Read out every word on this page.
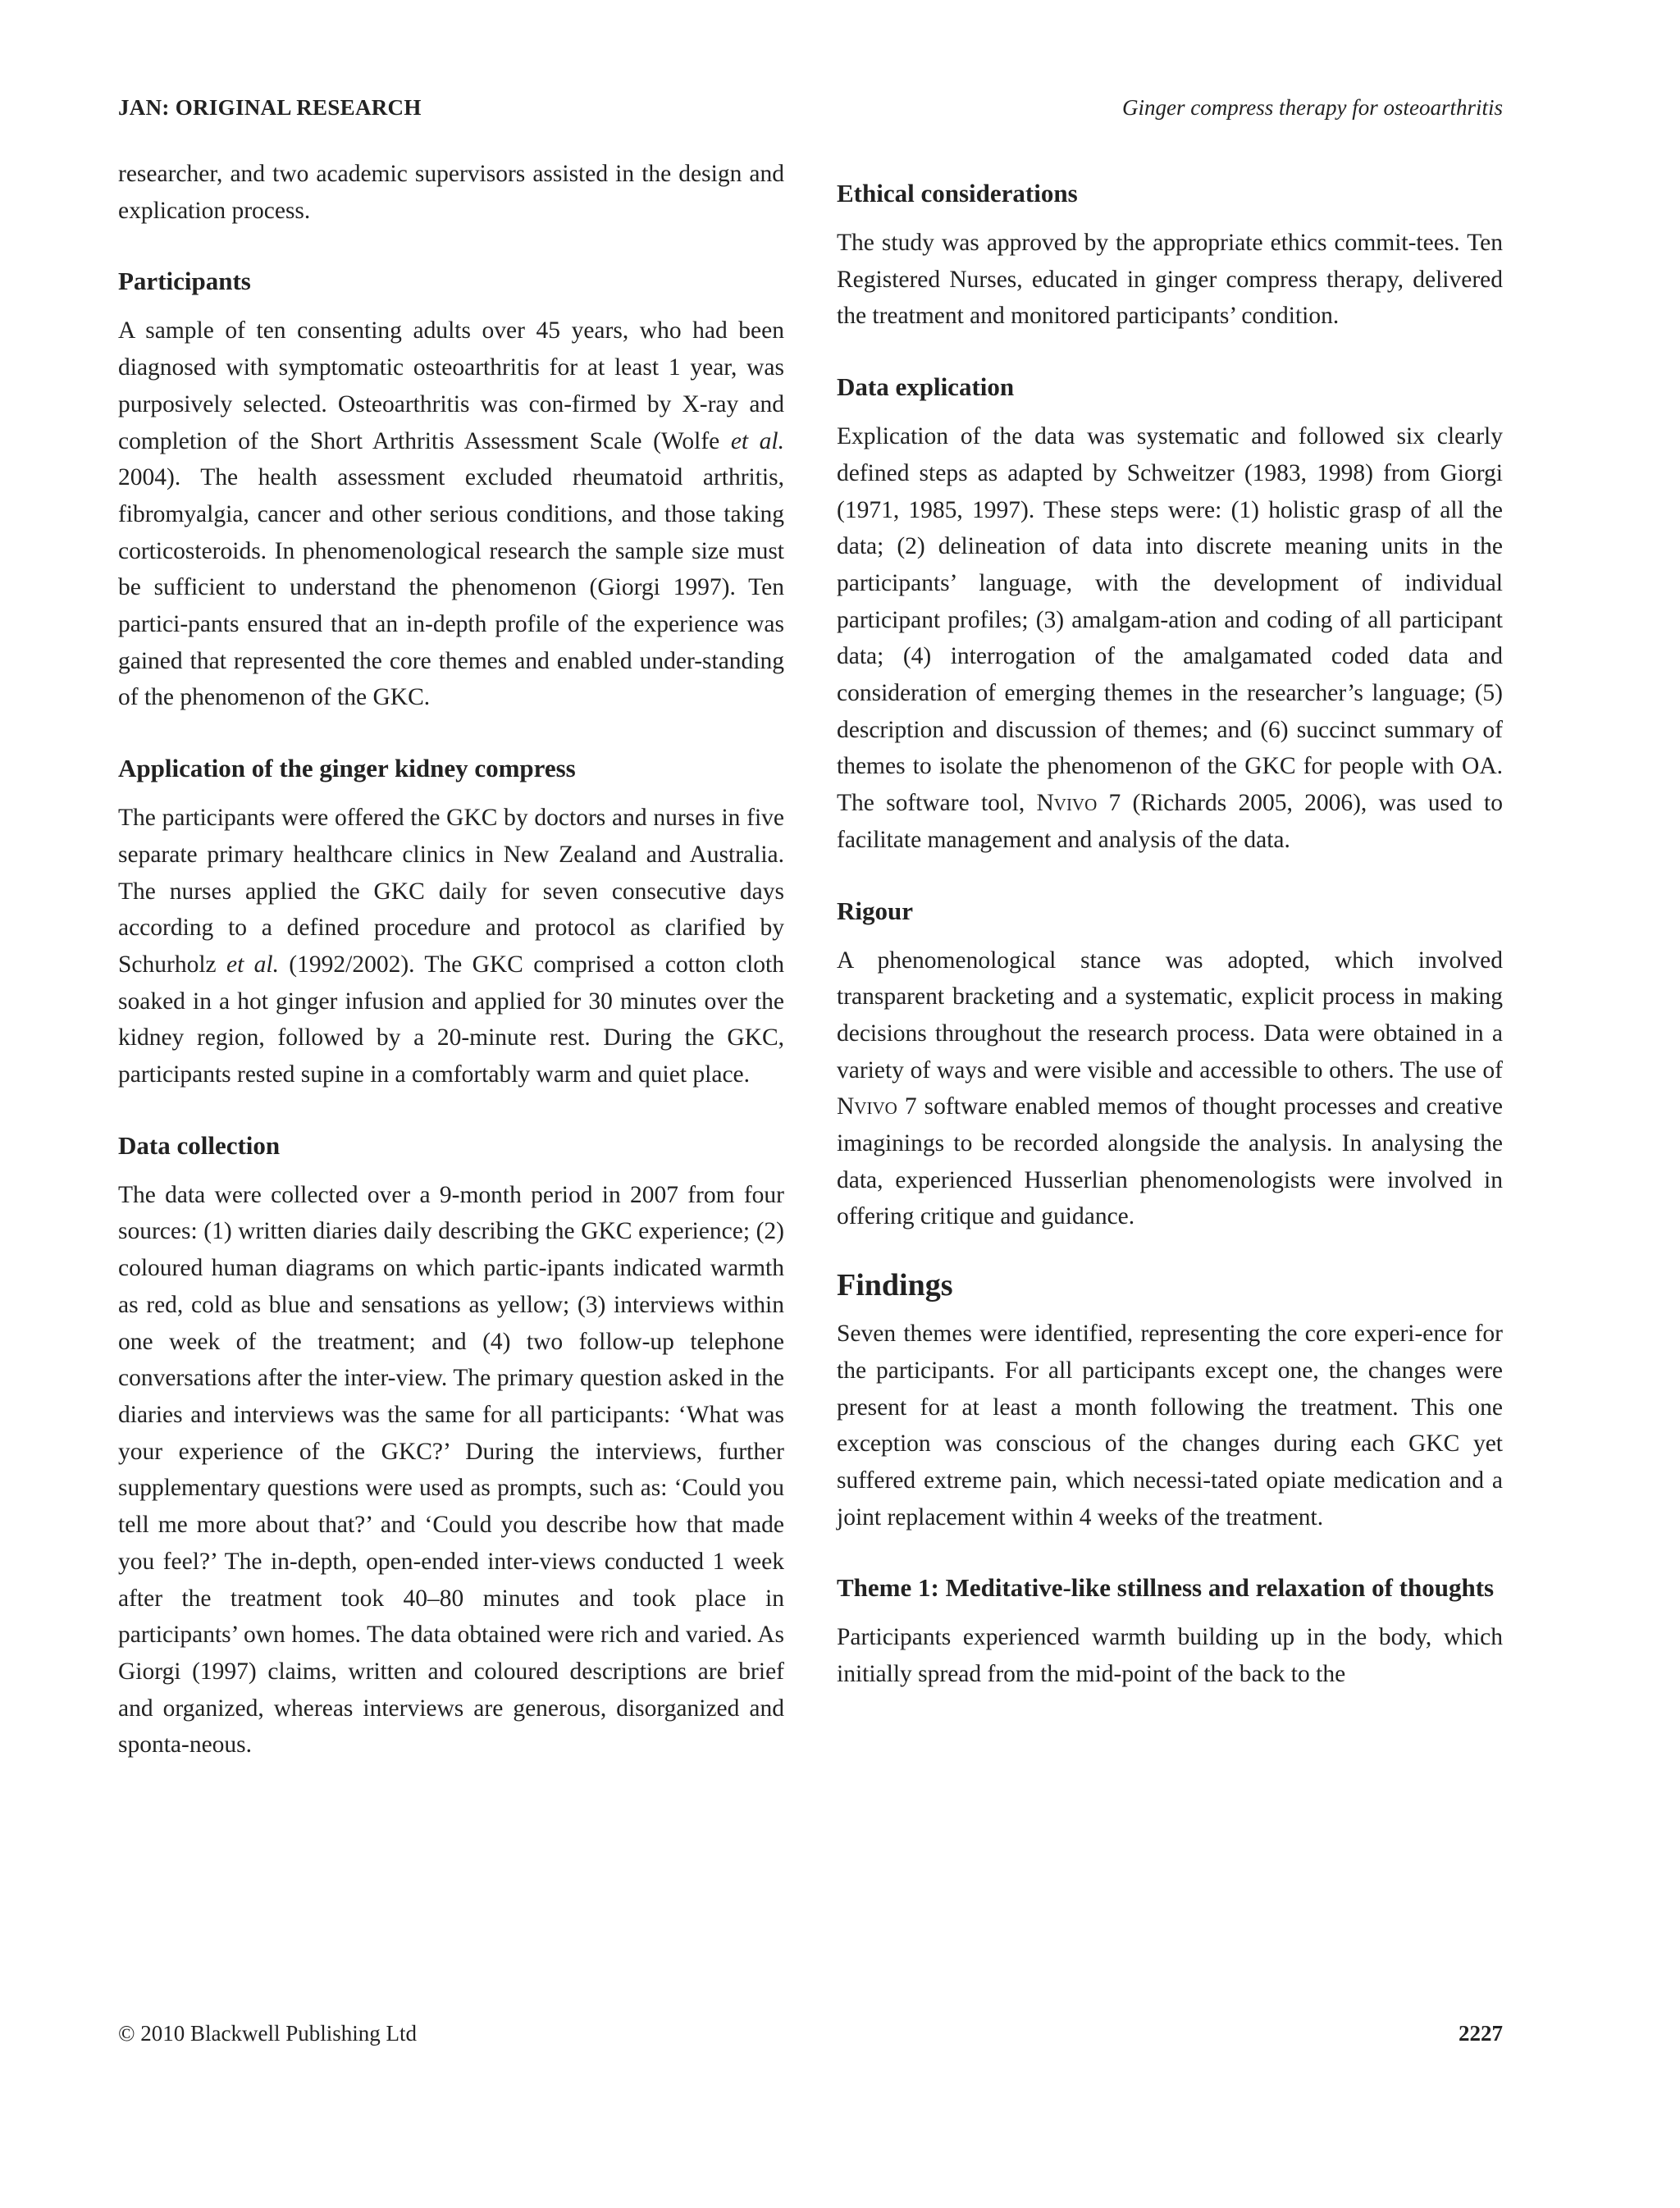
JAN: ORIGINAL RESEARCH	Ginger compress therapy for osteoarthritis

researcher, and two academic supervisors assisted in the design and explication process.

Participants

A sample of ten consenting adults over 45 years, who had been diagnosed with symptomatic osteoarthritis for at least 1 year, was purposively selected. Osteoarthritis was con-firmed by X-ray and completion of the Short Arthritis Assessment Scale (Wolfe et al. 2004). The health assessment excluded rheumatoid arthritis, fibromyalgia, cancer and other serious conditions, and those taking corticosteroids. In phenomenological research the sample size must be sufficient to understand the phenomenon (Giorgi 1997). Ten partici-pants ensured that an in-depth profile of the experience was gained that represented the core themes and enabled under-standing of the phenomenon of the GKC.

Application of the ginger kidney compress

The participants were offered the GKC by doctors and nurses in five separate primary healthcare clinics in New Zealand and Australia. The nurses applied the GKC daily for seven consecutive days according to a defined procedure and protocol as clarified by Schurholz et al. (1992/2002). The GKC comprised a cotton cloth soaked in a hot ginger infusion and applied for 30 minutes over the kidney region, followed by a 20-minute rest. During the GKC, participants rested supine in a comfortably warm and quiet place.

Data collection

The data were collected over a 9-month period in 2007 from four sources: (1) written diaries daily describing the GKC experience; (2) coloured human diagrams on which partic-ipants indicated warmth as red, cold as blue and sensations as yellow; (3) interviews within one week of the treatment; and (4) two follow-up telephone conversations after the inter-view. The primary question asked in the diaries and interviews was the same for all participants: ‘What was your experience of the GKC?’ During the interviews, further supplementary questions were used as prompts, such as: ‘Could you tell me more about that?’ and ‘Could you describe how that made you feel?’ The in-depth, open-ended inter-views conducted 1 week after the treatment took 40–80 minutes and took place in participants’ own homes. The data obtained were rich and varied. As Giorgi (1997) claims, written and coloured descriptions are brief and organized, whereas interviews are generous, disorganized and sponta-neous.

Ethical considerations

The study was approved by the appropriate ethics commit-tees. Ten Registered Nurses, educated in ginger compress therapy, delivered the treatment and monitored participants’ condition.

Data explication

Explication of the data was systematic and followed six clearly defined steps as adapted by Schweitzer (1983, 1998) from Giorgi (1971, 1985, 1997). These steps were: (1) holistic grasp of all the data; (2) delineation of data into discrete meaning units in the participants’ language, with the development of individual participant profiles; (3) amalgam-ation and coding of all participant data; (4) interrogation of the amalgamated coded data and consideration of emerging themes in the researcher’s language; (5) description and discussion of themes; and (6) succinct summary of themes to isolate the phenomenon of the GKC for people with OA. The software tool, Nvivo 7 (Richards 2005, 2006), was used to facilitate management and analysis of the data.

Rigour

A phenomenological stance was adopted, which involved transparent bracketing and a systematic, explicit process in making decisions throughout the research process. Data were obtained in a variety of ways and were visible and accessible to others. The use of Nvivo 7 software enabled memos of thought processes and creative imaginings to be recorded alongside the analysis. In analysing the data, experienced Husserlian phenomenologists were involved in offering critique and guidance.

Findings

Seven themes were identified, representing the core experi-ence for the participants. For all participants except one, the changes were present for at least a month following the treatment. This one exception was conscious of the changes during each GKC yet suffered extreme pain, which necessi-tated opiate medication and a joint replacement within 4 weeks of the treatment.

Theme 1: Meditative-like stillness and relaxation of thoughts

Participants experienced warmth building up in the body, which initially spread from the mid-point of the back to the

© 2010 Blackwell Publishing Ltd	2227
